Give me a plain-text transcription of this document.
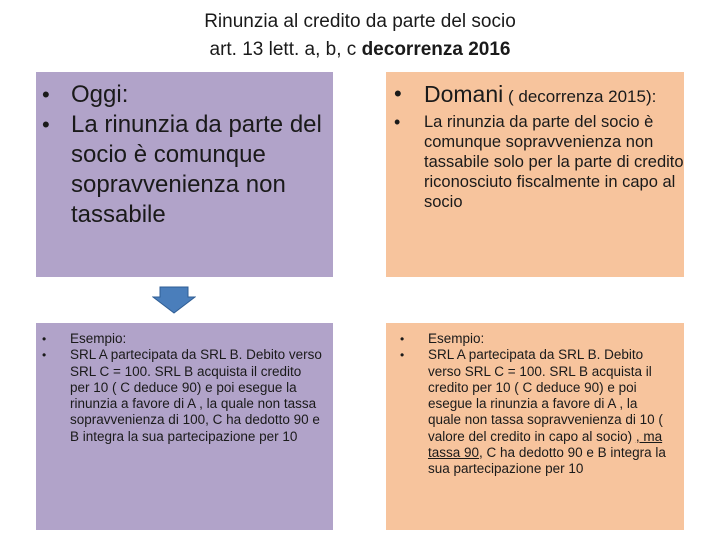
Rinunzia al credito da parte del socio
art. 13 lett. a, b, c decorrenza 2016
• Oggi:
• La rinunzia da parte del socio è comunque sopravvenienza non tassabile
• Domani ( decorrenza 2015):
• La rinunzia da parte del socio è comunque sopravvenienza non tassabile solo per la parte di credito riconosciuto fiscalmente in capo al socio
• Esempio:
• SRL A partecipata da SRL B. Debito verso SRL C = 100. SRL B acquista il credito per 10 ( C deduce 90) e poi esegue la rinunzia a favore di A , la quale non tassa sopravvenienza di 100, C ha dedotto 90 e B integra la sua partecipazione per 10
• Esempio:
• SRL A partecipata da SRL B. Debito verso SRL C = 100. SRL B acquista il credito per 10 ( C deduce 90) e poi esegue la rinunzia a favore di A , la quale non tassa sopravvenienza di 10 ( valore del credito in capo al socio) , ma tassa 90, C ha dedotto 90 e B integra la sua partecipazione per 10
